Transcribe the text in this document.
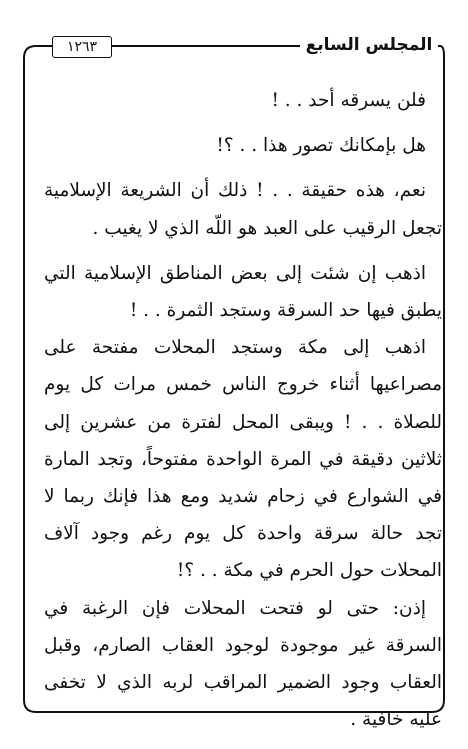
المجلس السابع
١٢٦٣

فلن يسرقه أحد . . !

هل بإمكانك تصور هذا . . ؟!

نعم، هذه حقيقة . . ! ذلك أن الشريعة الإسلامية تجعل الرقيب على العبد هو اللّه الذي لا يغيب .

اذهب إن شئت إلى بعض المناطق الإسلامية التي يطبق فيها حد السرقة وستجد الثمرة . . !

اذهب إلى مكة وستجد المحلات مفتحة على مصراعيها أثناء خروج الناس خمس مرات كل يوم للصلاة . . ! ويبقى المحل لفترة من عشرين إلى ثلاثين دقيقة في المرة الواحدة مفتوحاً، وتجد المارة في الشوارع في زحام شديد ومع هذا فإنك ربما لا تجد حالة سرقة واحدة كل يوم رغم وجود آلاف المحلات حول الحرم في مكة . . ؟!

إذن: حتى لو فتحت المحلات فإن الرغبة في السرقة غير موجودة لوجود العقاب الصارم، وقبل العقاب وجود الضمير المراقب لربه الذي لا تخفى عليه خافية .
